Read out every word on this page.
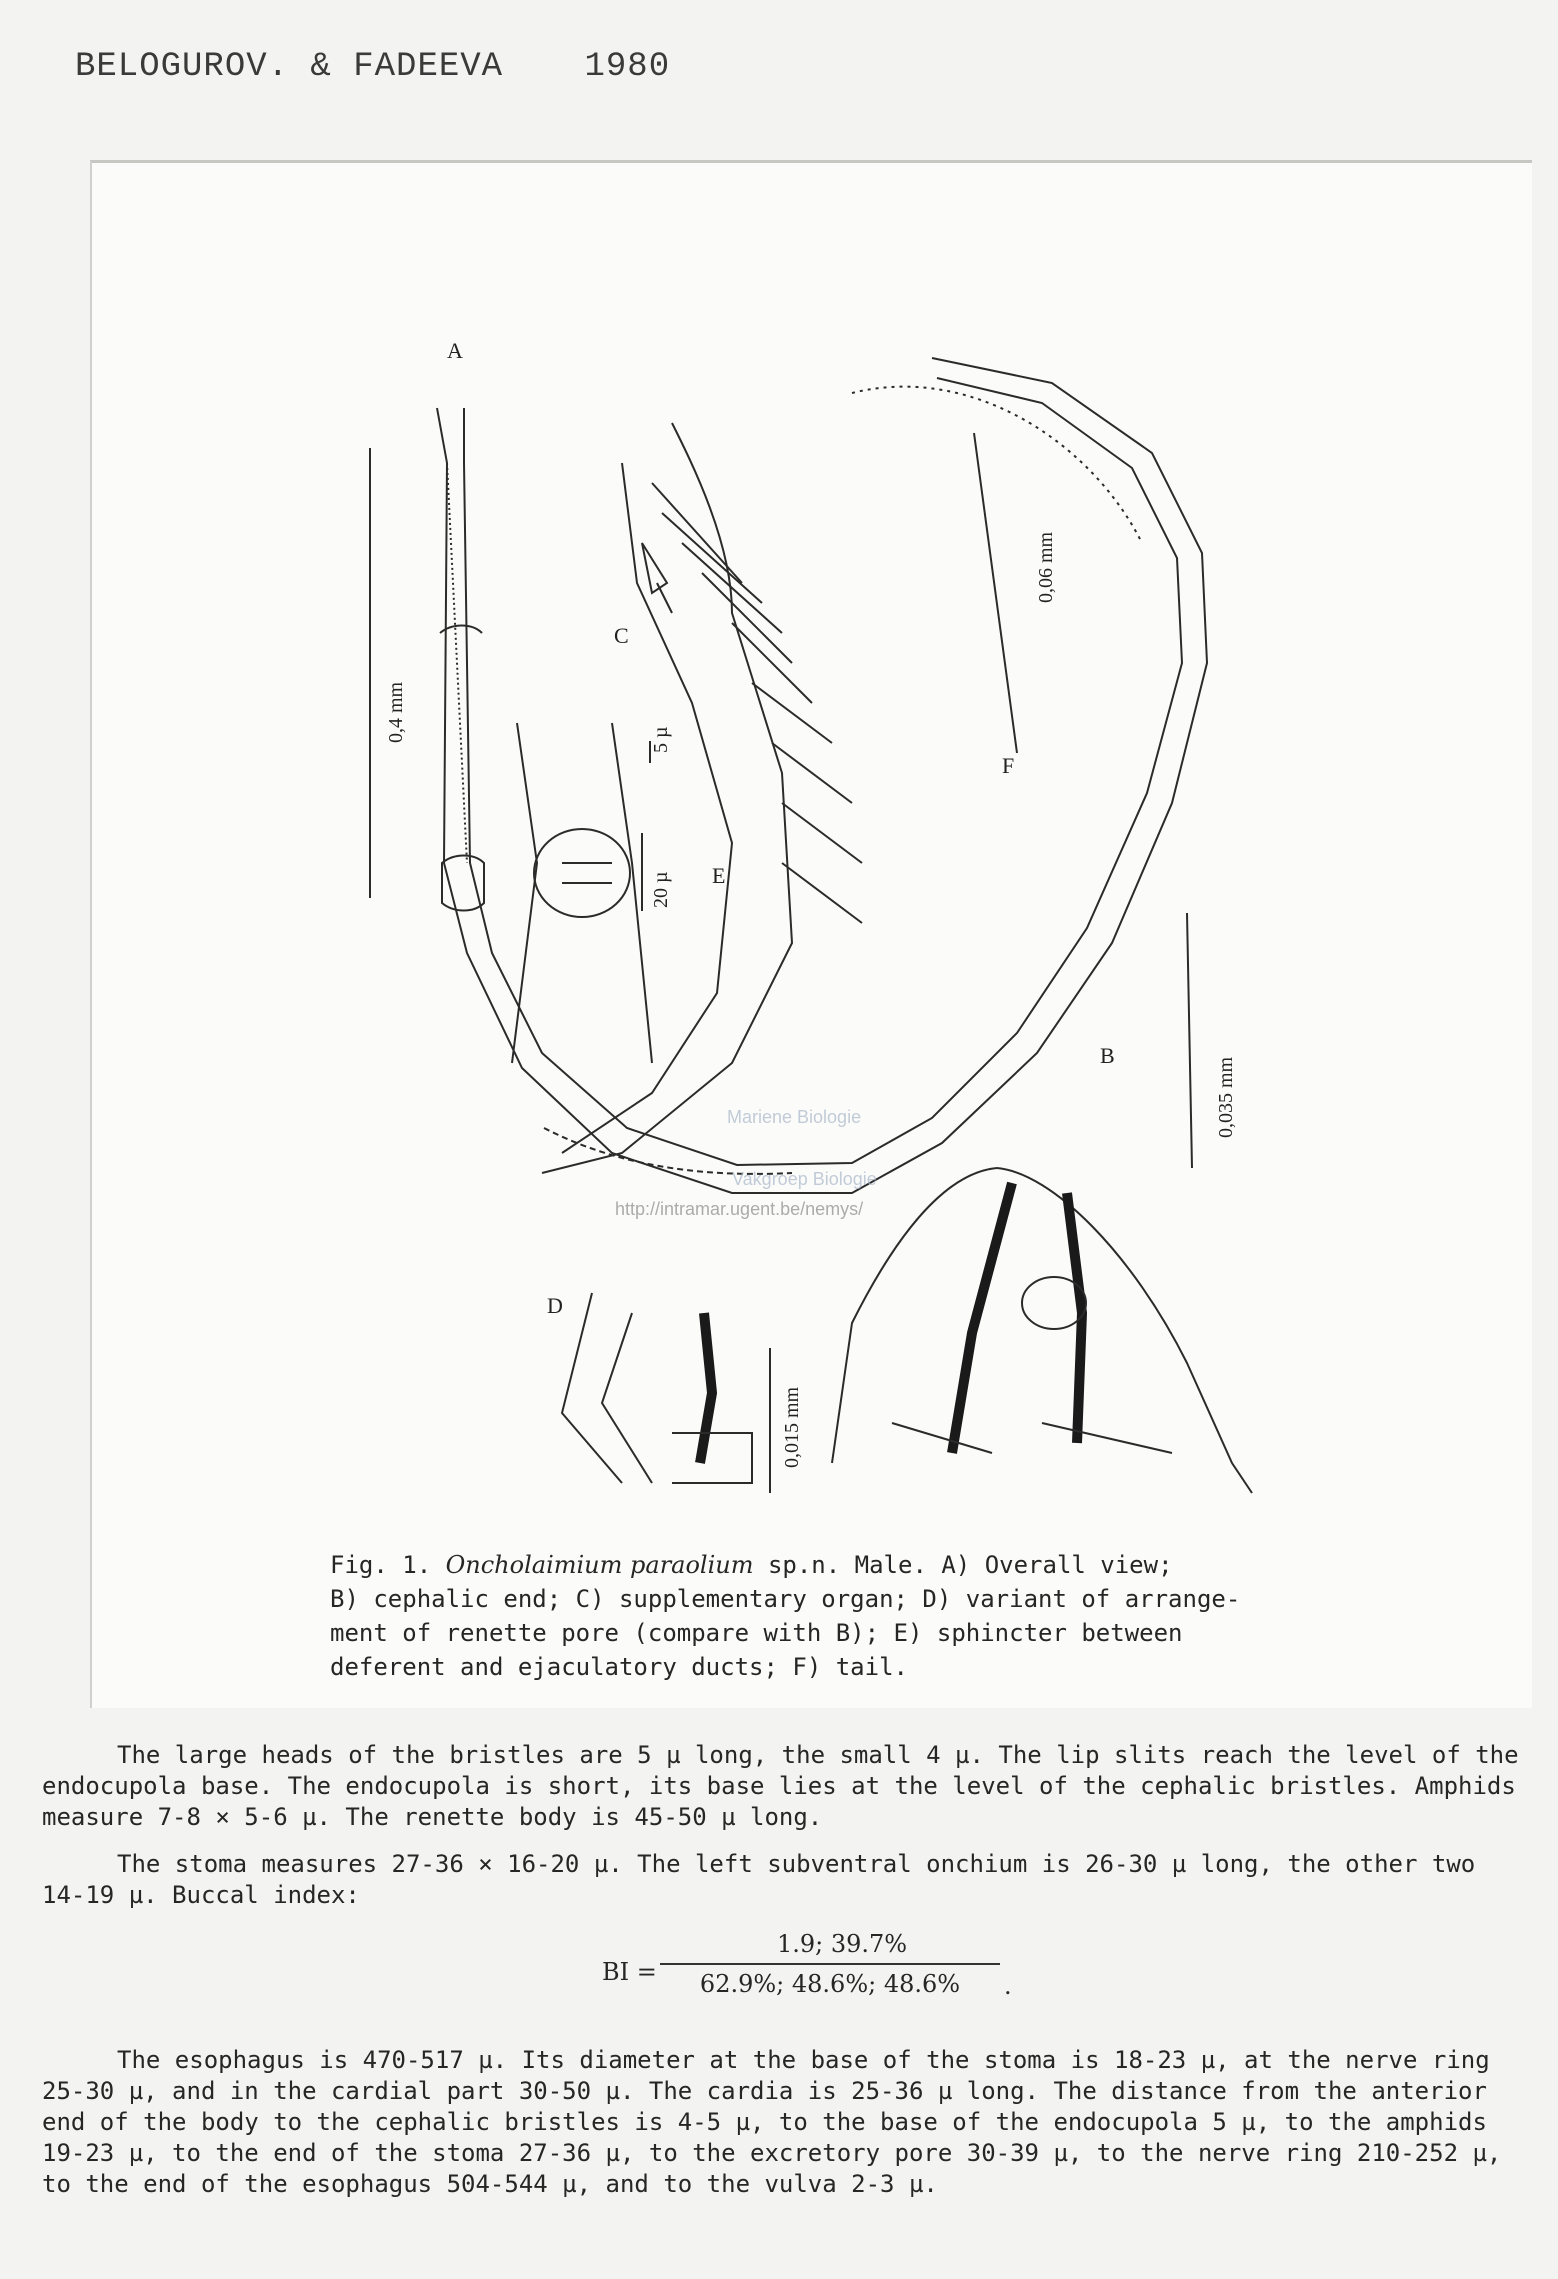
BELOGUROV. & FADEEVA 1980
A
C
E
F
B
D
0,4 mm
0,06 mm
5 µ
20 µ
0,035 mm
0,015 mm
Mariene Biologie
Vakgroep Biologie
http://intramar.ugent.be/nemys/
Fig. 1. Oncholaimium paraolium sp.n. Male. A) Overall view;
B) cephalic end; C) supplementary organ; D) variant of arrange-
ment of renette pore (compare with B); E) sphincter between
deferent and ejaculatory ducts; F) tail.

The large heads of the bristles are 5 µ long, the small 4 µ. The lip slits reach the level of the endocupola base. The endocupola is short, its base lies at the level of the cephalic bristles. Amphids measure 7-8 × 5-6 µ. The renette body is 45-50 µ long.

The stoma measures 27-36 × 16-20 µ. The left subventral onchium is 26-30 µ long, the other two 14-19 µ. Buccal index:

BI =
1.9; 39.7%
62.9%; 48.6%; 48.6%	.

The esophagus is 470-517 µ. Its diameter at the base of the stoma is 18-23 µ, at the nerve ring 25-30 µ, and in the cardial part 30-50 µ. The cardia is 25-36 µ long. The distance from the anterior end of the body to the cephalic bristles is 4-5 µ, to the base of the endocupola 5 µ, to the amphids 19-23 µ, to the end of the stoma 27-36 µ, to the excretory pore 30-39 µ, to the nerve ring 210-252 µ, to the end of the esophagus 504-544 µ, and to the vulva 2-3 µ.
